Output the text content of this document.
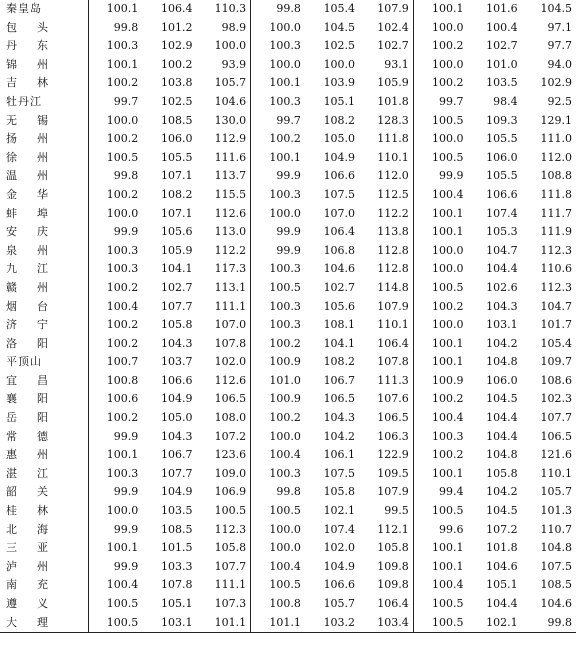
秦皇岛	100.1	106.4	110.3	99.8	105.4	107.9	100.1	101.6	104.5
包头	99.8	101.2	98.9	100.0	104.5	102.4	100.0	100.4	97.1
丹东	100.3	102.9	100.0	100.3	102.5	102.7	100.2	102.7	97.7
锦州	100.1	100.2	93.9	100.0	100.0	93.1	100.0	101.0	94.0
吉林	100.2	103.8	105.7	100.1	103.9	105.9	100.2	103.5	102.9
牡丹江	99.7	102.5	104.6	100.3	105.1	101.8	99.7	98.4	92.5
无锡	100.0	108.5	130.0	99.7	108.2	128.3	100.5	109.3	129.1
扬州	100.2	106.0	112.9	100.2	105.0	111.8	100.0	105.5	111.0
徐州	100.5	105.5	111.6	100.1	104.9	110.1	100.5	106.0	112.0
温州	99.8	107.1	113.7	99.9	106.6	112.0	99.9	105.5	108.8
金华	100.2	108.2	115.5	100.3	107.5	112.5	100.4	106.6	111.8
蚌埠	100.0	107.1	112.6	100.0	107.0	112.2	100.1	107.4	111.7
安庆	99.9	105.6	113.0	99.9	106.4	113.8	100.1	105.3	111.9
泉州	100.3	105.9	112.2	99.9	106.8	112.8	100.0	104.7	112.3
九江	100.3	104.1	117.3	100.3	104.6	112.8	100.0	104.4	110.6
赣州	100.2	102.7	113.1	100.5	102.7	114.8	100.5	102.6	112.3
烟台	100.4	107.7	111.1	100.3	105.6	107.9	100.2	104.3	104.7
济宁	100.2	105.8	107.0	100.3	108.1	110.1	100.0	103.1	101.7
洛阳	100.2	104.3	107.8	100.2	104.1	106.4	100.1	104.2	105.4
平顶山	100.7	103.7	102.0	100.9	108.2	107.8	100.1	104.8	109.7
宜昌	100.8	106.6	112.6	101.0	106.7	111.3	100.9	106.0	108.6
襄阳	100.6	104.9	106.5	100.9	106.5	107.6	100.2	104.5	102.3
岳阳	100.2	105.0	108.0	100.2	104.3	106.5	100.4	104.4	107.7
常德	99.9	104.3	107.2	100.0	104.2	106.3	100.3	104.4	106.5
惠州	100.1	106.7	123.6	100.4	106.1	122.9	100.2	104.8	121.6
湛江	100.3	107.7	109.0	100.3	107.5	109.5	100.1	105.8	110.1
韶关	99.9	104.9	106.9	99.8	105.8	107.9	99.4	104.2	105.7
桂林	100.0	103.5	100.5	100.5	102.1	99.5	100.5	104.5	101.3
北海	99.9	108.5	112.3	100.0	107.4	112.1	99.6	107.2	110.7
三亚	100.1	101.5	105.8	100.0	102.0	105.8	100.1	101.8	104.8
泸州	99.9	103.3	107.7	100.4	104.9	109.8	100.1	104.6	107.5
南充	100.4	107.8	111.1	100.5	106.6	109.8	100.4	105.1	108.5
遵义	100.5	105.1	107.3	100.8	105.7	106.4	100.5	104.4	104.6
大理	100.5	103.1	101.1	101.1	103.2	103.4	100.5	102.1	99.8
